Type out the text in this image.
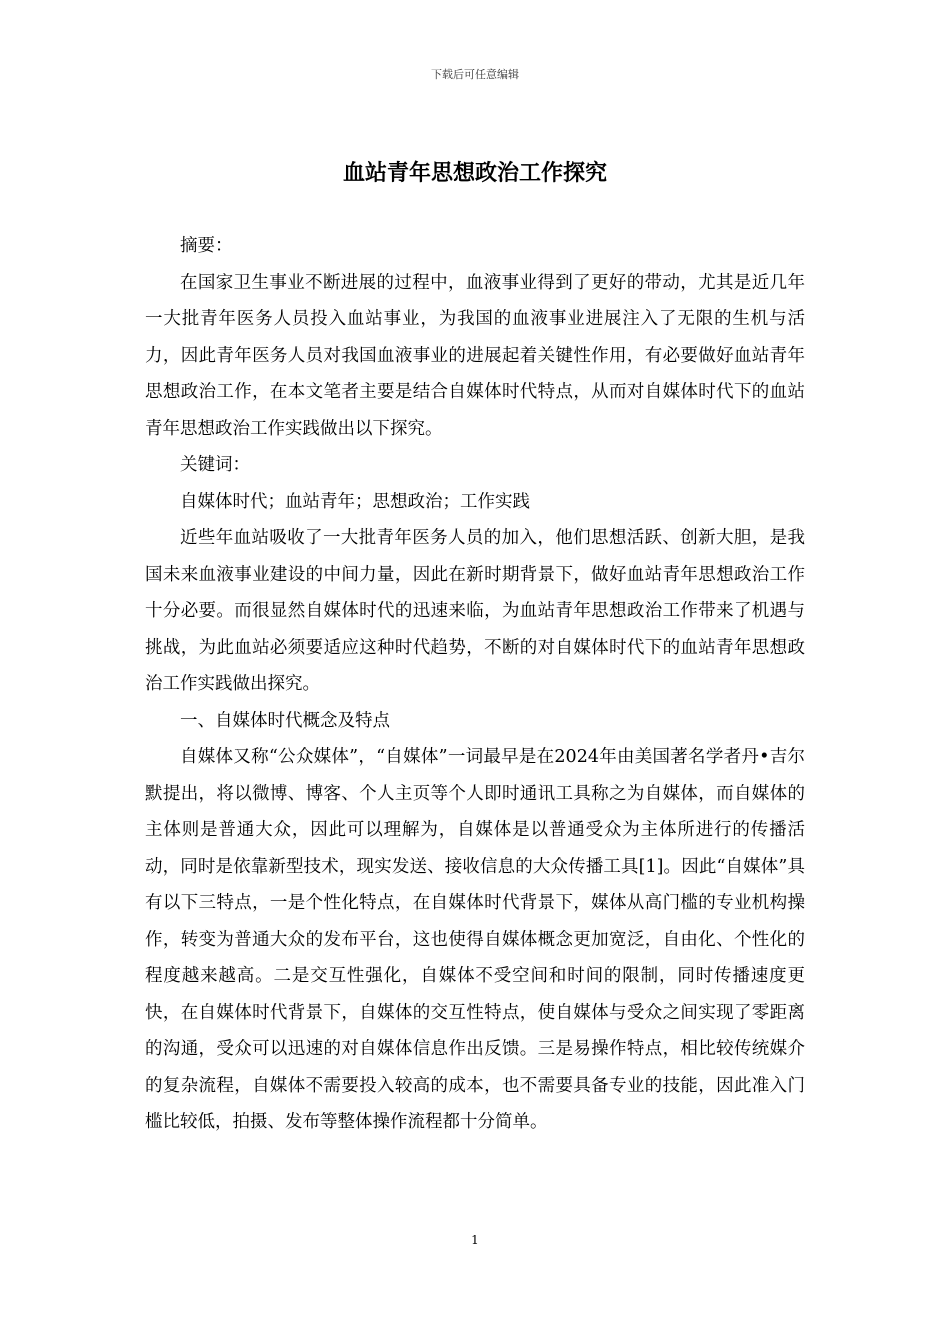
下载后可任意编辑
血站青年思想政治工作探究

摘要：

在国家卫生事业不断进展的过程中，血液事业得到了更好的带动，尤其是近几年一大批青年医务人员投入血站事业，为我国的血液事业进展注入了无限的生机与活力，因此青年医务人员对我国血液事业的进展起着关键性作用，有必要做好血站青年思想政治工作，在本文笔者主要是结合自媒体时代特点，从而对自媒体时代下的血站青年思想政治工作实践做出以下探究。

关键词：

自媒体时代；血站青年；思想政治；工作实践

近些年血站吸收了一大批青年医务人员的加入，他们思想活跃、创新大胆，是我国未来血液事业建设的中间力量，因此在新时期背景下，做好血站青年思想政治工作十分必要。而很显然自媒体时代的迅速来临，为血站青年思想政治工作带来了机遇与挑战，为此血站必须要适应这种时代趋势，不断的对自媒体时代下的血站青年思想政治工作实践做出探究。

一、自媒体时代概念及特点

自媒体又称“公众媒体”，“自媒体”一词最早是在2024年由美国著名学者丹•吉尔默提出，将以微博、博客、个人主页等个人即时通讯工具称之为自媒体，而自媒体的主体则是普通大众，因此可以理解为，自媒体是以普通受众为主体所进行的传播活动，同时是依靠新型技术，现实发送、接收信息的大众传播工具[1]。因此“自媒体”具有以下三特点，一是个性化特点，在自媒体时代背景下，媒体从高门槛的专业机构操作，转变为普通大众的发布平台，这也使得自媒体概念更加宽泛，自由化、个性化的程度越来越高。二是交互性强化，自媒体不受空间和时间的限制，同时传播速度更快，在自媒体时代背景下，自媒体的交互性特点，使自媒体与受众之间实现了零距离的沟通，受众可以迅速的对自媒体信息作出反馈。三是易操作特点，相比较传统媒介的复杂流程，自媒体不需要投入较高的成本，也不需要具备专业的技能，因此准入门槛比较低，拍摄、发布等整体操作流程都十分简单。

1
